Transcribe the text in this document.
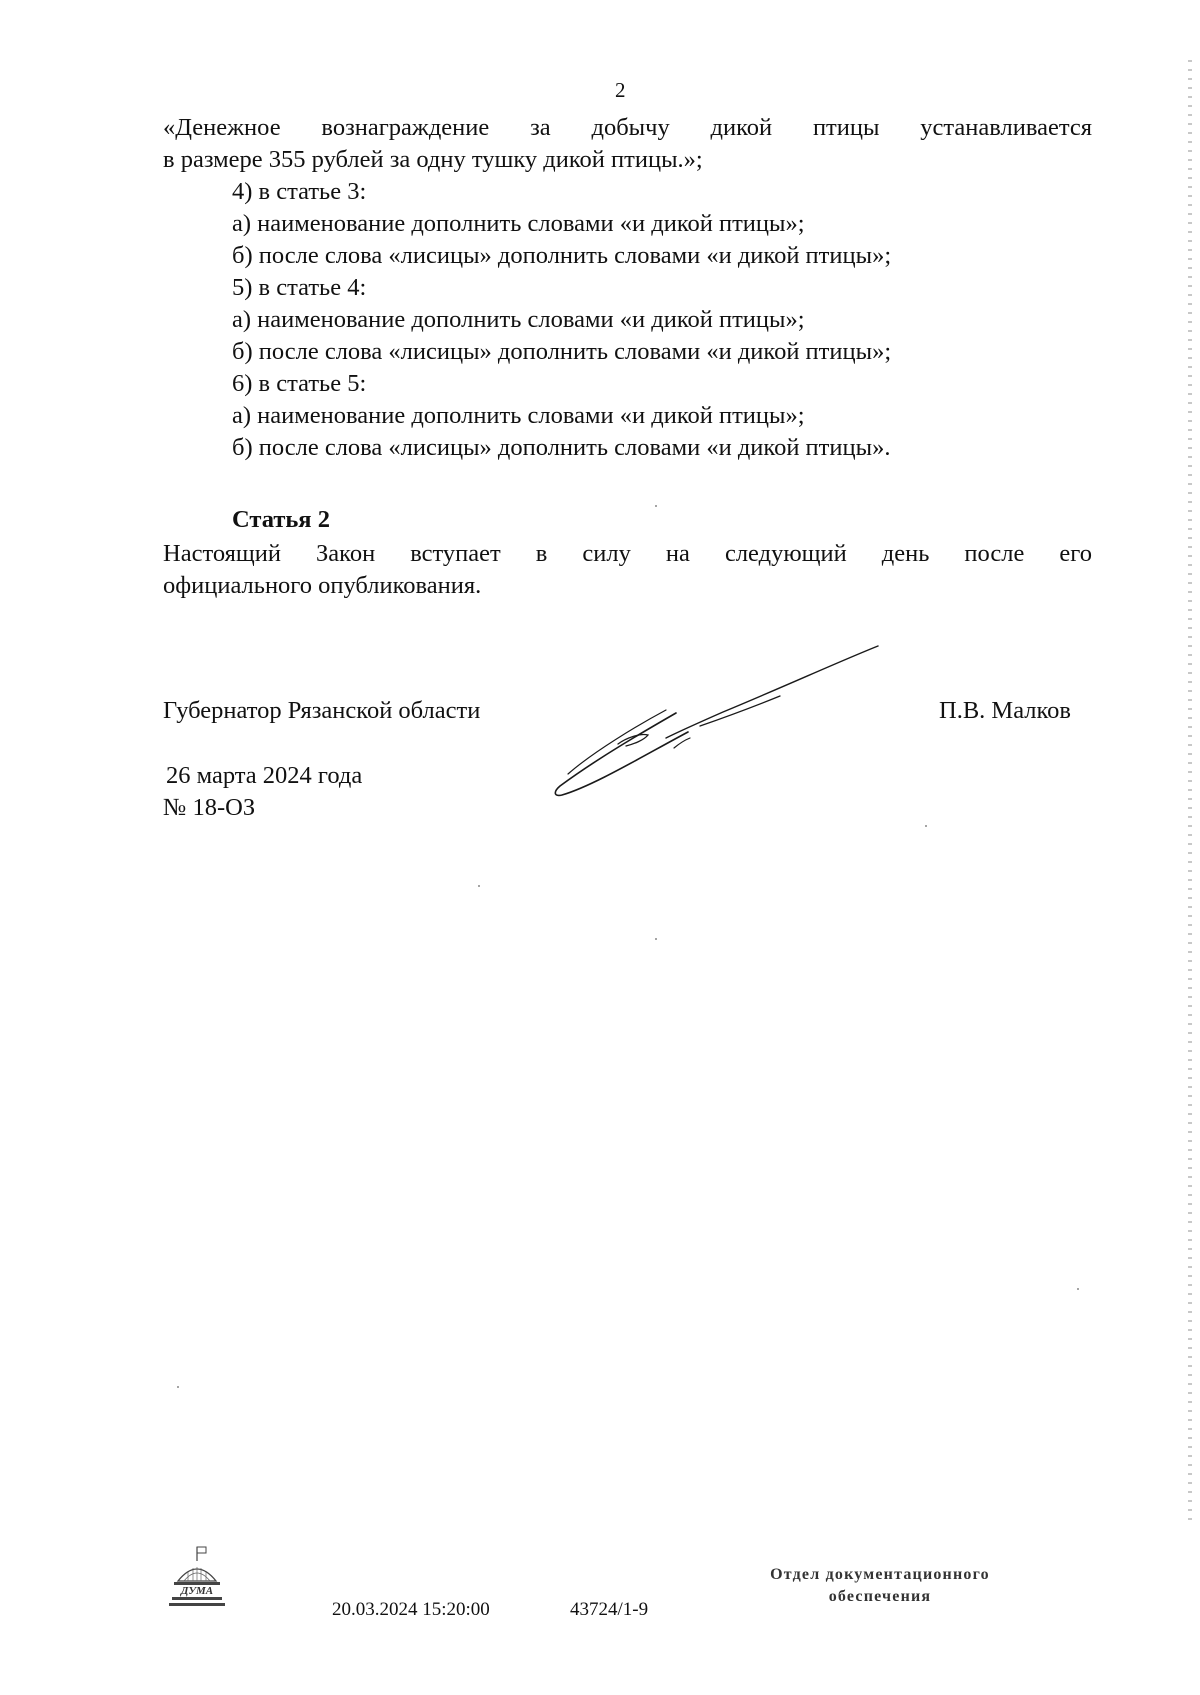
2
«Денежное вознаграждение за добычу дикой птицы устанавливается
в размере 355 рублей за одну тушку дикой птицы.»;
4) в статье 3:
а) наименование дополнить словами «и дикой птицы»;
б) после слова «лисицы» дополнить словами «и дикой птицы»;
5) в статье 4:
а) наименование дополнить словами «и дикой птицы»;
б) после слова «лисицы» дополнить словами «и дикой птицы»;
6) в статье 5:
а) наименование дополнить словами «и дикой птицы»;
б) после слова «лисицы» дополнить словами «и дикой птицы».
Статья 2
Настоящий Закон вступает в силу на следующий день после его
официального опубликования.
Губернатор Рязанской области	П.В. Малков
26 марта 2024 года
№ 18-ОЗ
ДУМА
20.03.2024 15:20:00	43724/1-9
Отдел документационного
обеспечения
